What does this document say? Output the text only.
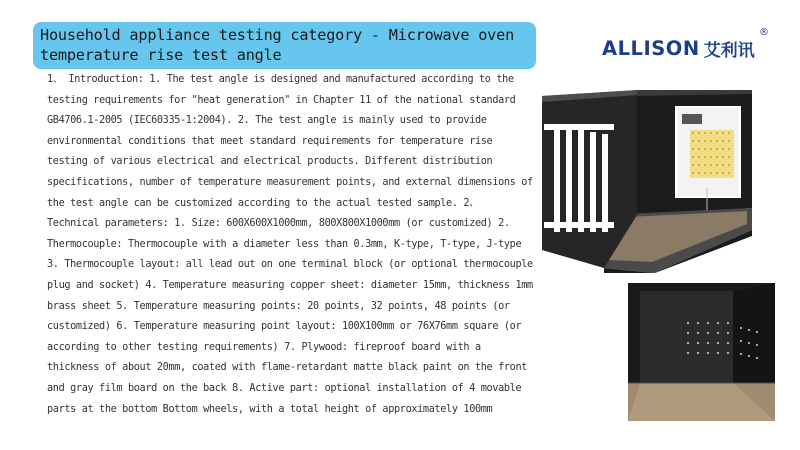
Household appliance testing category - Microwave oven temperature rise test angle	ALLISON 艾利讯
®
1、 Introduction: 1. The test angle is designed and manufactured according to the testing requirements for "heat generation" in Chapter 11 of the national standard GB4706.1-2005 (IEC60335-1:2004). 2. The test angle is mainly used to provide environmental conditions that meet standard requirements for temperature rise testing of various electrical and electrical products. Different distribution specifications, number of temperature measurement points, and external dimensions of the test angle can be customized according to the actual tested sample. 2、 Technical parameters: 1. Size: 600X600X1000mm, 800X800X1000mm (or customized) 2. Thermocouple: Thermocouple with a diameter less than 0.3mm, K-type, T-type, J-type 3. Thermocouple layout: all lead out on one terminal block (or optional thermocouple plug and socket) 4. Temperature measuring copper sheet: diameter 15mm, thickness 1mm brass sheet 5. Temperature measuring points: 20 points, 32 points, 48 points (or customized) 6. Temperature measuring point layout: 100X100mm or 76X76mm square (or according to other testing requirements) 7. Plywood: fireproof board with a thickness of about 20mm, coated with flame-retardant matte black paint on the front and gray film board on the back 8. Active part: optional installation of 4 movable parts at the bottom Bottom wheels, with a total height of approximately 100mm
